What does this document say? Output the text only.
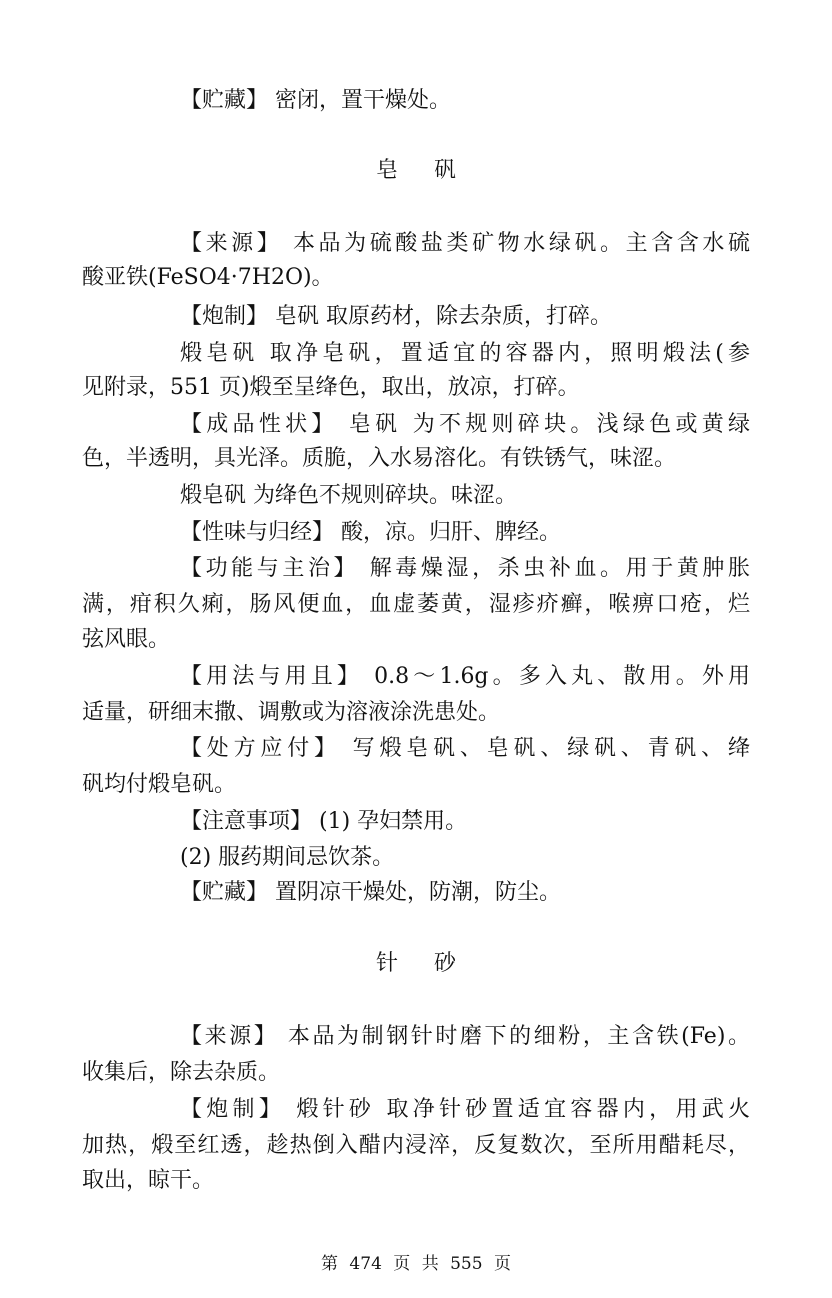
【贮藏】 密闭，置干燥处。
皂矾
【来源】 本品为硫酸盐类矿物水绿矾。主含含水硫
酸亚铁(FeSO4·7H2O)。
【炮制】 皂矾 取原药材，除去杂质，打碎。
煅皂矾 取净皂矾，置适宜的容器内，照明煅法(参
见附录，551 页)煅至呈绛色，取出，放凉，打碎。
【成品性状】 皂矾 为不规则碎块。浅绿色或黄绿
色，半透明，具光泽。质脆，入水易溶化。有铁锈气，味涩。
煅皂矾 为绛色不规则碎块。味涩。
【性味与归经】 酸，凉。归肝、脾经。
【功能与主治】 解毒燥湿，杀虫补血。用于黄肿胀
满，疳积久痢，肠风便血，血虚萎黄，湿疹疥癣，喉痹口疮，烂
弦风眼。
【用法与用且】 0.8～1.6g。多入丸、散用。外用
适量，研细末撒、调敷或为溶液涂洗患处。
【处方应付】 写煅皂矾、皂矾、绿矾、青矾、绛
矾均付煅皂矾。
【注意事项】 (1) 孕妇禁用。
(2) 服药期间忌饮茶。
【贮藏】 置阴凉干燥处，防潮，防尘。
针砂
【来源】 本品为制钢针时磨下的细粉，主含铁(Fe)。
收集后，除去杂质。
【炮制】 煅针砂 取净针砂置适宜容器内，用武火
加热，煅至红透，趁热倒入醋内浸淬，反复数次，至所用醋耗尽，
取出，晾干。
第 474 页 共 555 页
